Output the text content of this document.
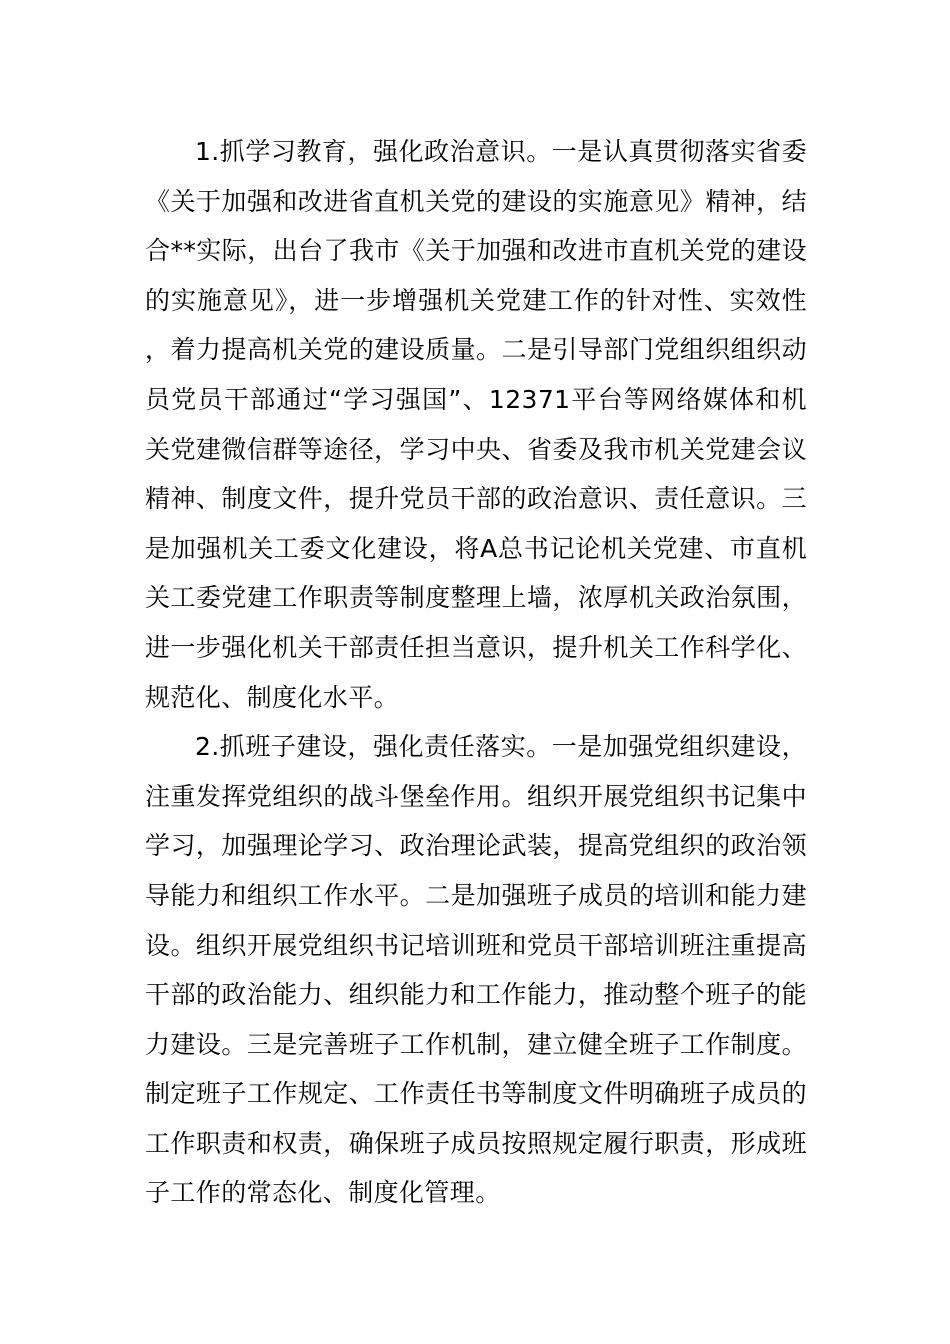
1.抓学习教育，强化政治意识。一是认真贯彻落实省委《关于加强和改进省直机关党的建设的实施意见》精神，结合**实际，出台了我市《关于加强和改进市直机关党的建设的实施意见》，进一步增强机关党建工作的针对性、实效性，着力提高机关党的建设质量。二是引导部门党组织组织动员党员干部通过“学习强国”、12371平台等网络媒体和机关党建微信群等途径，学习中央、省委及我市机关党建会议精神、制度文件，提升党员干部的政治意识、责任意识。三是加强机关工委文化建设，将A总书记论机关党建、市直机关工委党建工作职责等制度整理上墙，浓厚机关政治氛围，进一步强化机关干部责任担当意识，提升机关工作科学化、规范化、制度化水平。

2.抓班子建设，强化责任落实。一是加强党组织建设，注重发挥党组织的战斗堡垒作用。组织开展党组织书记集中学习，加强理论学习、政治理论武装，提高党组织的政治领导能力和组织工作水平。二是加强班子成员的培训和能力建设。组织开展党组织书记培训班和党员干部培训班注重提高干部的政治能力、组织能力和工作能力，推动整个班子的能力建设。三是完善班子工作机制，建立健全班子工作制度。制定班子工作规定、工作责任书等制度文件明确班子成员的工作职责和权责，确保班子成员按照规定履行职责，形成班子工作的常态化、制度化管理。
